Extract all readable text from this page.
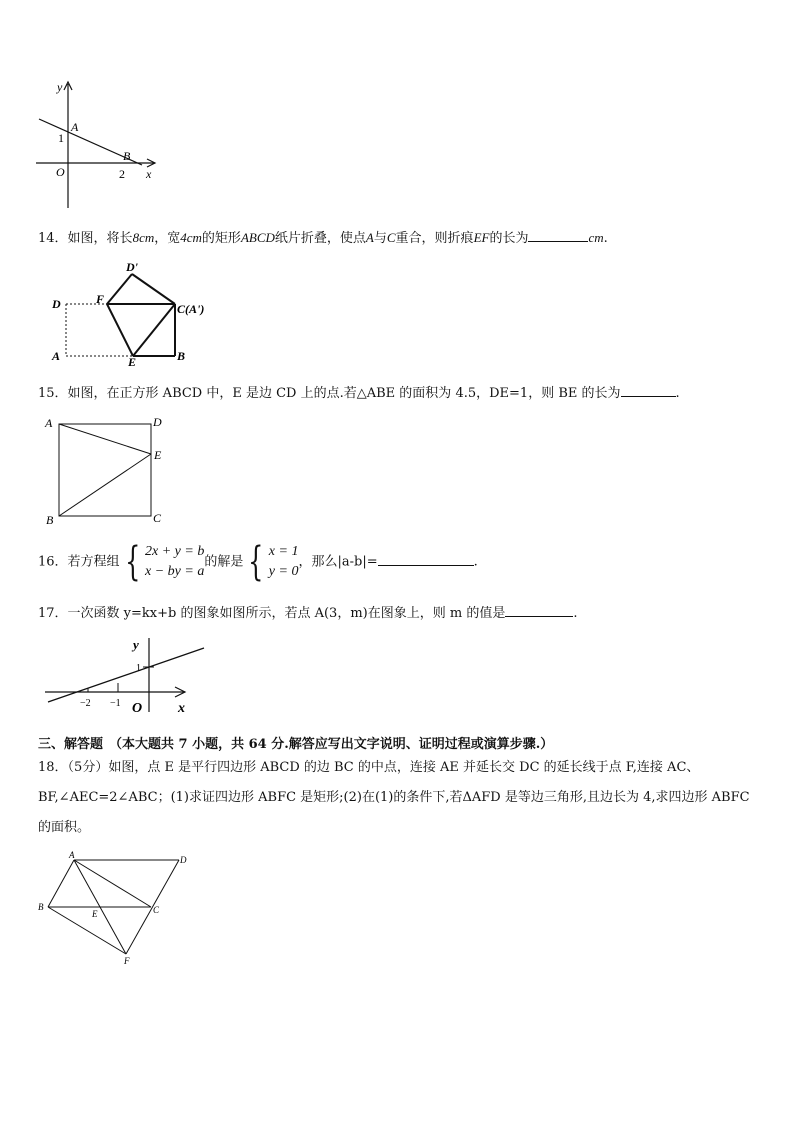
y
A
1
B
O	2 x
14．如图，将长8cm，宽4cm的矩形ABCD纸片折叠，使点A与C重合，则折痕EF的长为	cm.
D'
D	F
C(A')
A	E	B
15．如图，在正方形 ABCD 中，E 是边 CD 上的点.若△ABE 的面积为 4.5，DE=1，则 BE 的长为	.
A	D
E
B	C
16．若方程组 { 2x + y = b
x − by = a的解是 { x = 1
y = 0，那么|a-b|=	.
17．一次函数 y=kx+b 的图象如图所示，若点 A(3，m)在图象上，则 m 的值是	.
y
1
−2 −1 O	x
三、解答题 （本大题共 7 小题，共 64 分.解答应写出文字说明、证明过程或演算步骤.）
18．（5分）如图，点 E 是平行四边形 ABCD 的边 BC 的中点，连接 AE 并延长交 DC 的延长线于点 F,连接 AC、
BF,∠AEC=2∠ABC；(1)求证四边形 ABFC 是矩形;(2)在(1)的条件下,若ΔAFD 是等边三角形,且边长为 4,求四边形 ABFC
的面积。
A	D
B
E	C
F
